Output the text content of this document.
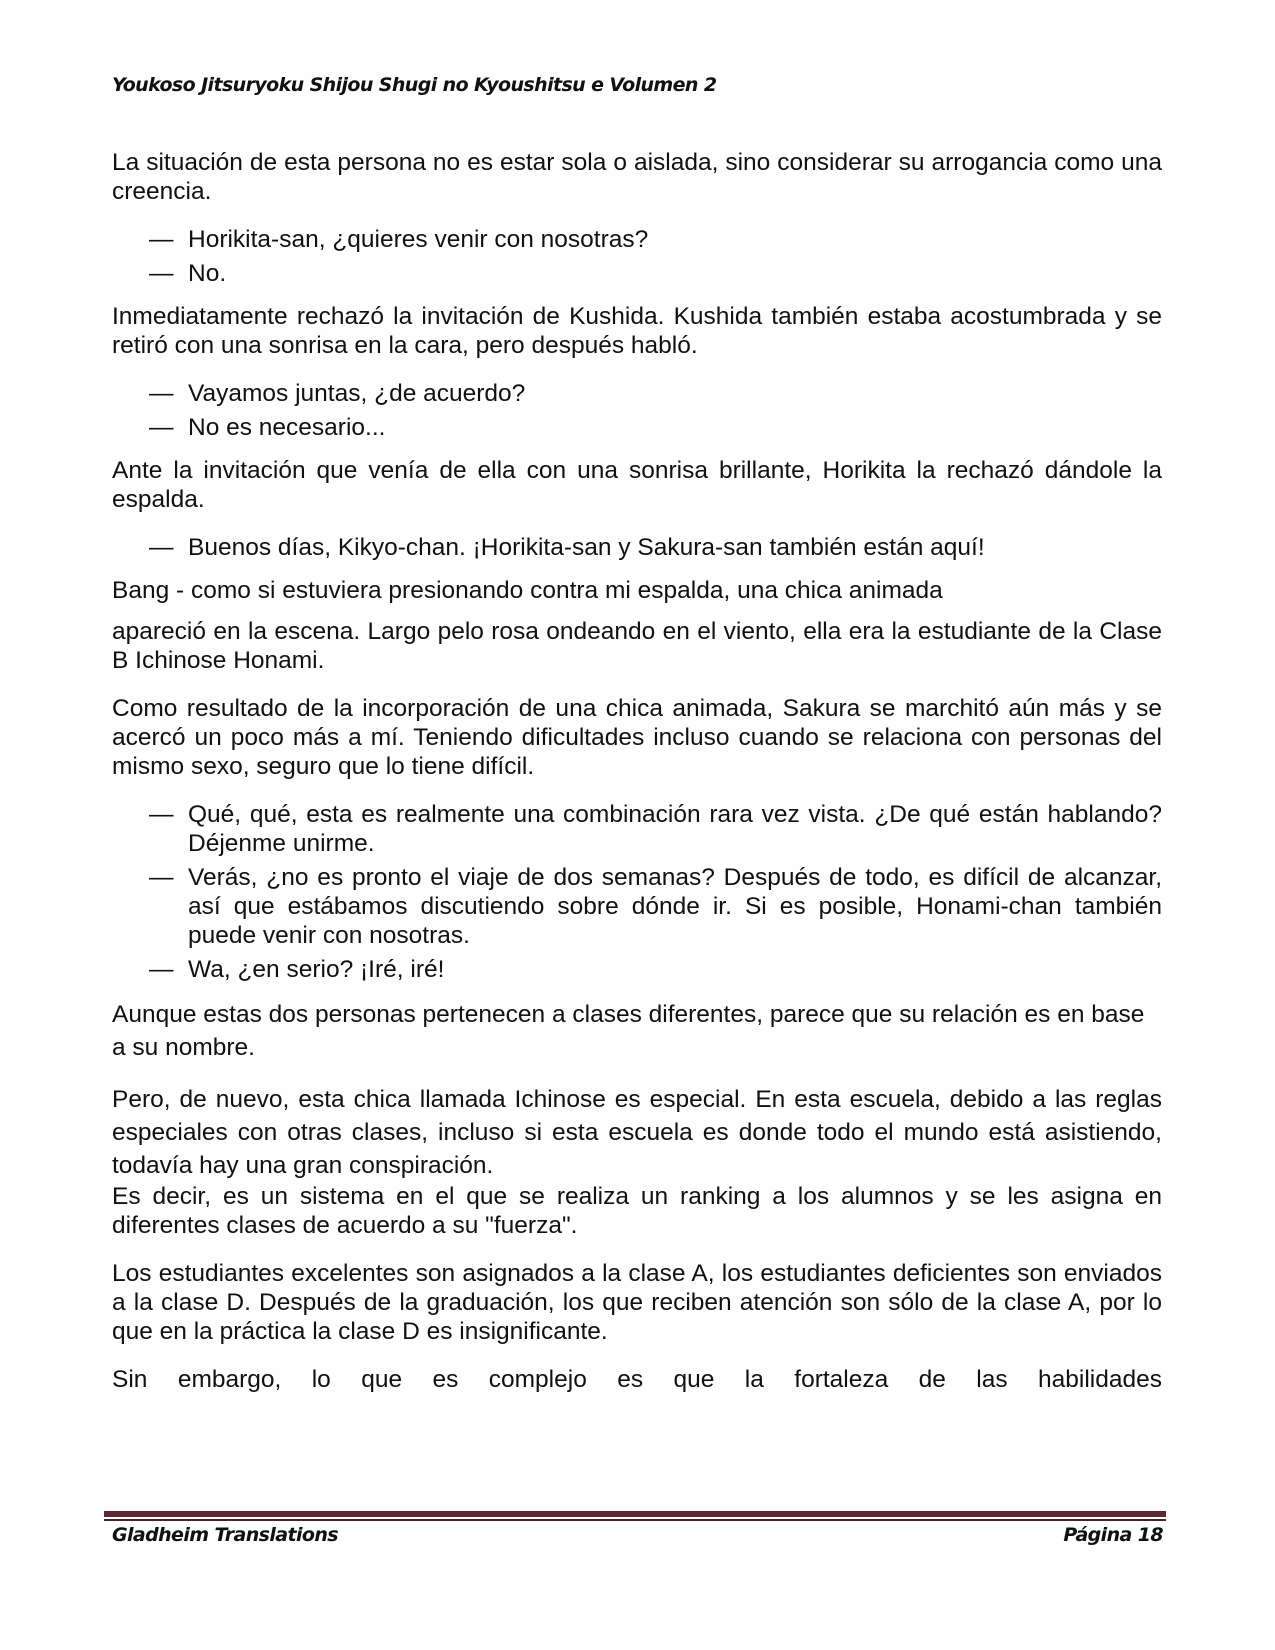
Youkoso Jitsuryoku Shijou Shugi no Kyoushitsu e Volumen 2

La situación de esta persona no es estar sola o aislada, sino considerar su arrogancia como una creencia.

— Horikita-san, ¿quieres venir con nosotras?
— No.

Inmediatamente rechazó la invitación de Kushida. Kushida también estaba acostumbrada y se retiró con una sonrisa en la cara, pero después habló.

— Vayamos juntas, ¿de acuerdo?
— No es necesario...

Ante la invitación que venía de ella con una sonrisa brillante, Horikita la rechazó dándole la espalda.

— Buenos días, Kikyo-chan. ¡Horikita-san y Sakura-san también están aquí!

Bang - como si estuviera presionando contra mi espalda, una chica animada

apareció en la escena. Largo pelo rosa ondeando en el viento, ella era la estudiante de la Clase B Ichinose Honami.

Como resultado de la incorporación de una chica animada, Sakura se marchitó aún más y se acercó un poco más a mí. Teniendo dificultades incluso cuando se relaciona con personas del mismo sexo, seguro que lo tiene difícil.

— Qué, qué, esta es realmente una combinación rara vez vista. ¿De qué están hablando? Déjenme unirme.
— Verás, ¿no es pronto el viaje de dos semanas? Después de todo, es difícil de alcanzar, así que estábamos discutiendo sobre dónde ir. Si es posible, Honami-chan también puede venir con nosotras.
— Wa, ¿en serio? ¡Iré, iré!

Aunque estas dos personas pertenecen a clases diferentes, parece que su relación es en base a su nombre.

Pero, de nuevo, esta chica llamada Ichinose es especial. En esta escuela, debido a las reglas especiales con otras clases, incluso si esta escuela es donde todo el mundo está asistiendo, todavía hay una gran conspiración.

Es decir, es un sistema en el que se realiza un ranking a los alumnos y se les asigna en diferentes clases de acuerdo a su "fuerza".

Los estudiantes excelentes son asignados a la clase A, los estudiantes deficientes son enviados a la clase D. Después de la graduación, los que reciben atención son sólo de la clase A, por lo que en la práctica la clase D es insignificante.

Sin embargo, lo que es complejo es que la fortaleza de las habilidades

Gladheim Translations	Página 18
